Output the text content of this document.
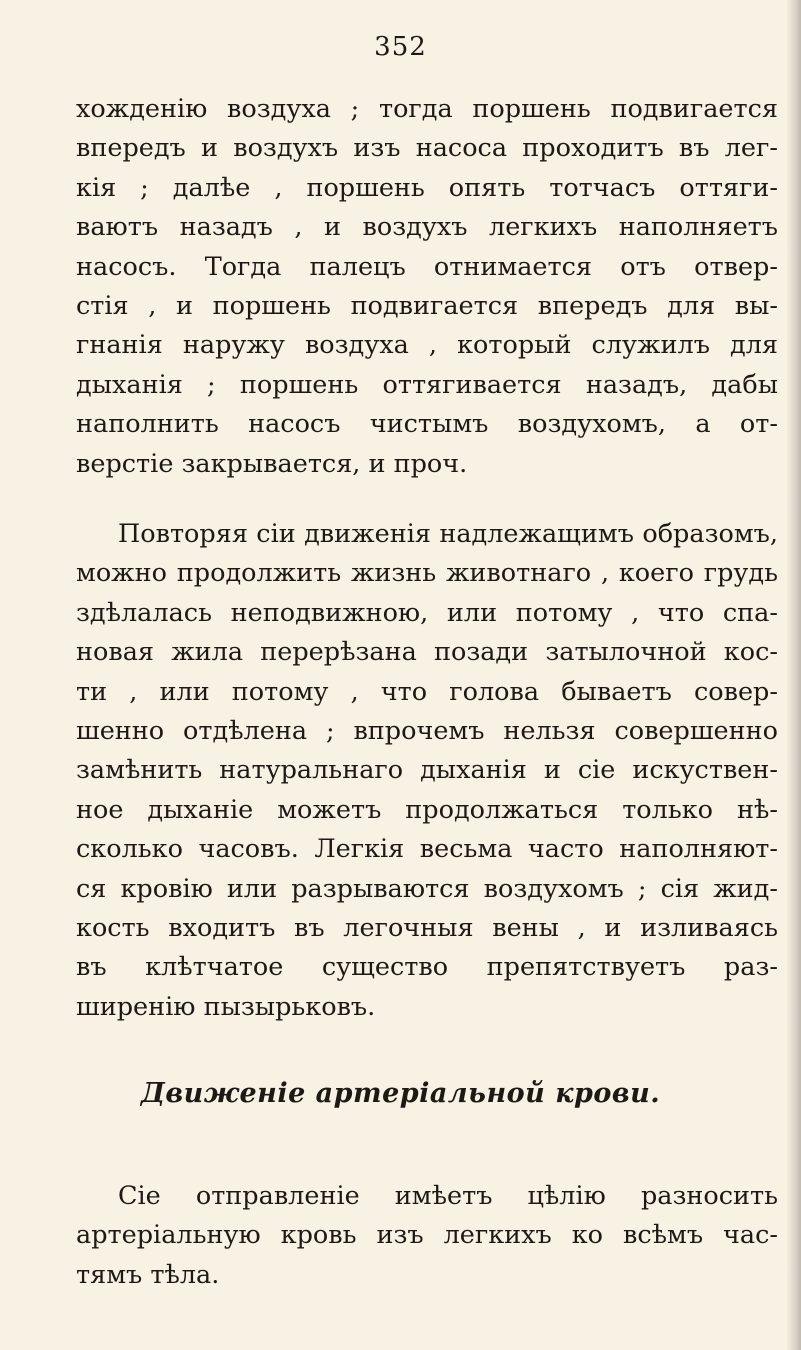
352
хожденію воздуха ; тогда поршень подвигается
впередъ и воздухъ изъ насоса проходитъ въ лег-
кія ; далѣе , поршень опять тотчасъ оттяги-
ваютъ назадъ , и воздухъ легкихъ наполняетъ
насосъ. Тогда палецъ отнимается отъ отвер-
стія , и поршень подвигается впередъ для вы-
гнанія наружу воздуха , который служилъ для
дыханія ; поршень оттягивается назадъ, дабы
наполнить насосъ чистымъ воздухомъ, а от-
верстіе закрывается, и проч.
Повторяя сіи движенія надлежащимъ образомъ,
можно продолжить жизнь животнаго , коего грудь
здѣлалась неподвижною, или потому , что спа-
новая жила перерѣзана позади затылочной кос-
ти , или потому , что голова бываетъ совер-
шенно отдѣлена ; впрочемъ нельзя совершенно
замѣнить натуральнаго дыханія и сіе искуствен-
ное дыханіе можетъ продолжаться только нѣ-
сколько часовъ. Легкія весьма часто наполняют-
ся кровію или разрываются воздухомъ ; сія жид-
кость входитъ въ легочныя вены , и изливаясь
въ клѣтчатое существо препятствуетъ раз-
ширенію пызырьковъ.
Движеніе артеріальной крови.
Сіе отправленіе имѣетъ цѣлію разносить
артеріальную кровь изъ легкихъ ко всѣмъ час-
тямъ тѣла.
